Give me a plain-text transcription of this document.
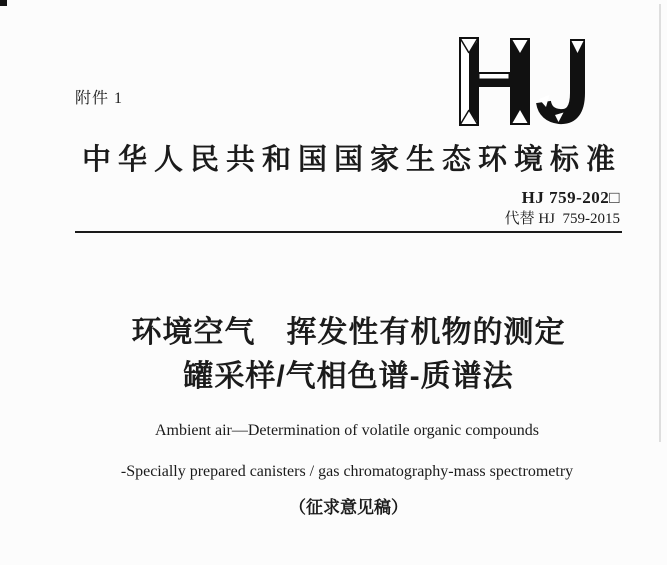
附件 1
中华人民共和国国家生态环境标准
HJ 759-202□
代替 HJ  759-2015
环境空气　挥发性有机物的测定
罐采样/气相色谱-质谱法
Ambient air—Determination of volatile organic compounds
-Specially prepared canisters / gas chromatography-mass spectrometry
（征求意见稿）
